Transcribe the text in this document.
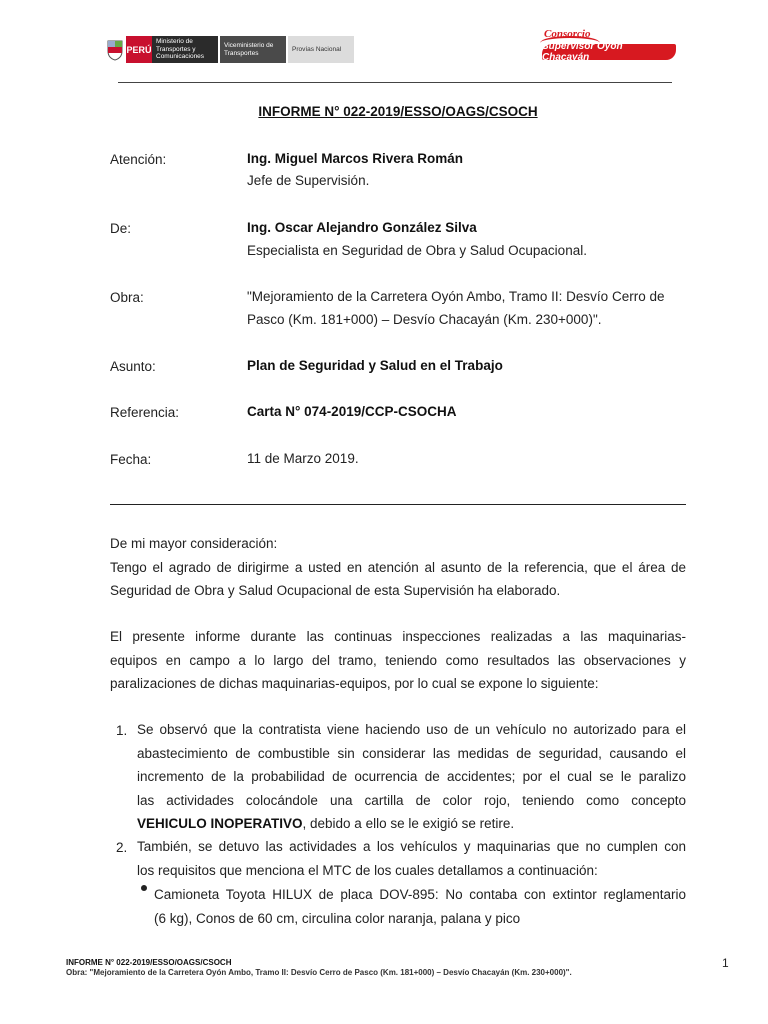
PERÚ
Ministerio de Transportes y Comunicaciones
Viceministerio de Transportes
Provías Nacional
Consorcio
Supervisor Oyón Chacayán
INFORME N° 022-2019/ESSO/OAGS/CSOCH
Atención:	Ing. Miguel Marcos Rivera Román
Jefe de Supervisión.
De:	Ing. Oscar Alejandro González Silva
Especialista en Seguridad de Obra y Salud Ocupacional.
Obra:	"Mejoramiento de la Carretera Oyón Ambo, Tramo II: Desvío Cerro de
Pasco (Km. 181+000) – Desvío Chacayán (Km. 230+000)".
Asunto:	Plan de Seguridad y Salud en el Trabajo
Referencia:	Carta N° 074-2019/CCP-CSOCHA
Fecha:	11 de Marzo 2019.
De mi mayor consideración:
Tengo el agrado de dirigirme a usted en atención al asunto de la referencia, que el área de
Seguridad de Obra y Salud Ocupacional de esta Supervisión ha elaborado.
El presente informe durante las continuas inspecciones realizadas a las maquinarias-
equipos en campo a lo largo del tramo, teniendo como resultados las observaciones y
paralizaciones de dichas maquinarias-equipos, por lo cual se expone lo siguiente:
1. Se observó que la contratista viene haciendo uso de un vehículo no autorizado para el
abastecimiento de combustible sin considerar las medidas de seguridad, causando el
incremento de la probabilidad de ocurrencia de accidentes; por el cual se le paralizo
las actividades colocándole una cartilla de color rojo, teniendo como concepto
VEHICULO INOPERATIVO, debido a ello se le exigió se retire.
2. También, se detuvo las actividades a los vehículos y maquinarias que no cumplen con
los requisitos que menciona el MTC de los cuales detallamos a continuación:
Camioneta Toyota HILUX de placa DOV-895: No contaba con extintor reglamentario
(6 kg), Conos de 60 cm, circulina color naranja, palana y pico
INFORME N° 022-2019/ESSO/OAGS/CSOCH
Obra: "Mejoramiento de la Carretera Oyón Ambo, Tramo II: Desvío Cerro de Pasco (Km. 181+000) – Desvío Chacayán (Km. 230+000)".
1
